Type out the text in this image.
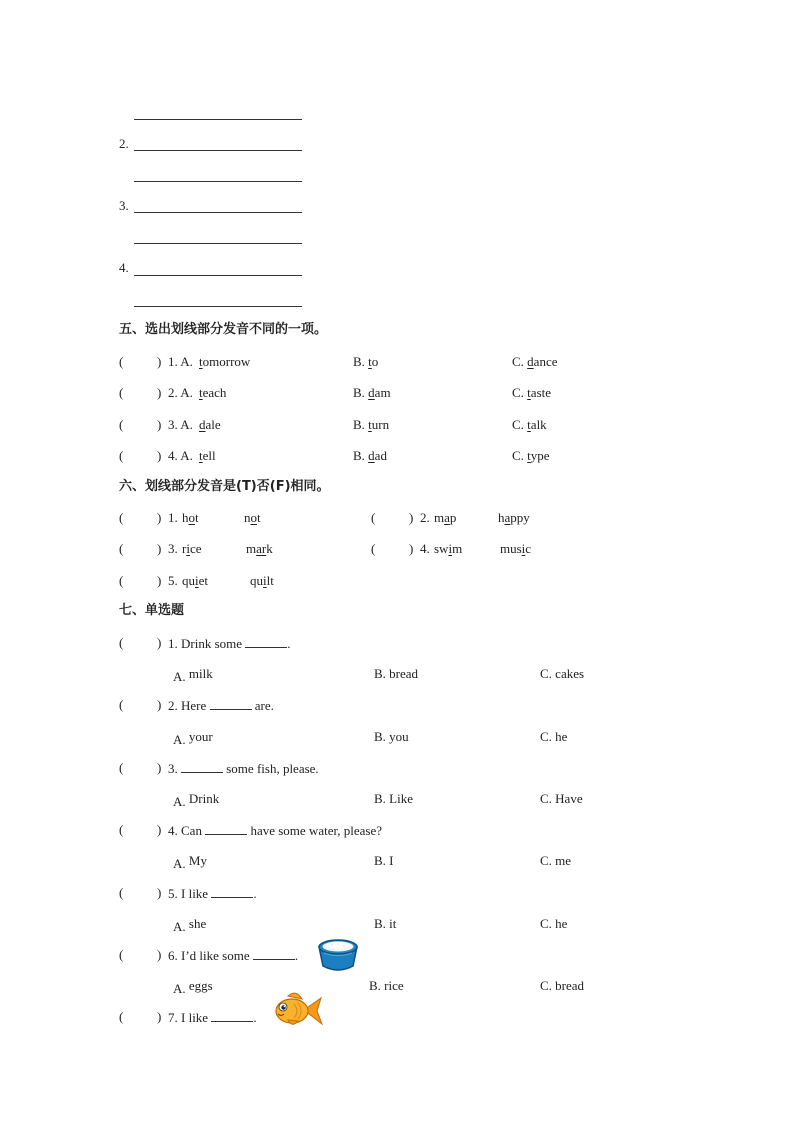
2.
3.
4.
五、选出划线部分发音不同的一项。
(	) 1. A. tomorrow	B. to	C. dance
(	) 2. A. teach	B. dam	C. taste
(	) 3. A. dale	B. turn	C. talk
(	) 4. A. tell	B. dad	C. type
六、划线部分发音是(T)否(F)相同。
(	) 1. hot	not	(	) 2. map	happy
(	) 3. rice	mark	(	) 4. swim	music
(	) 5. quiet	quilt
七、单选题
(	) 1. Drink some	.
A. milk	B. bread	C. cakes
(	) 2. Here	are.
A. your	B. you	C. he
(	) 3.	some fish, please.
A. Drink	B. Like	C. Have
(	) 4. Can	have some water, please?
A. My	B. I	C. me
(	) 5. I like	.
A. she	B. it	C. he
(	) 6. I’d like some	.
A. eggs	B. rice	C. bread
(	) 7. I like	.
